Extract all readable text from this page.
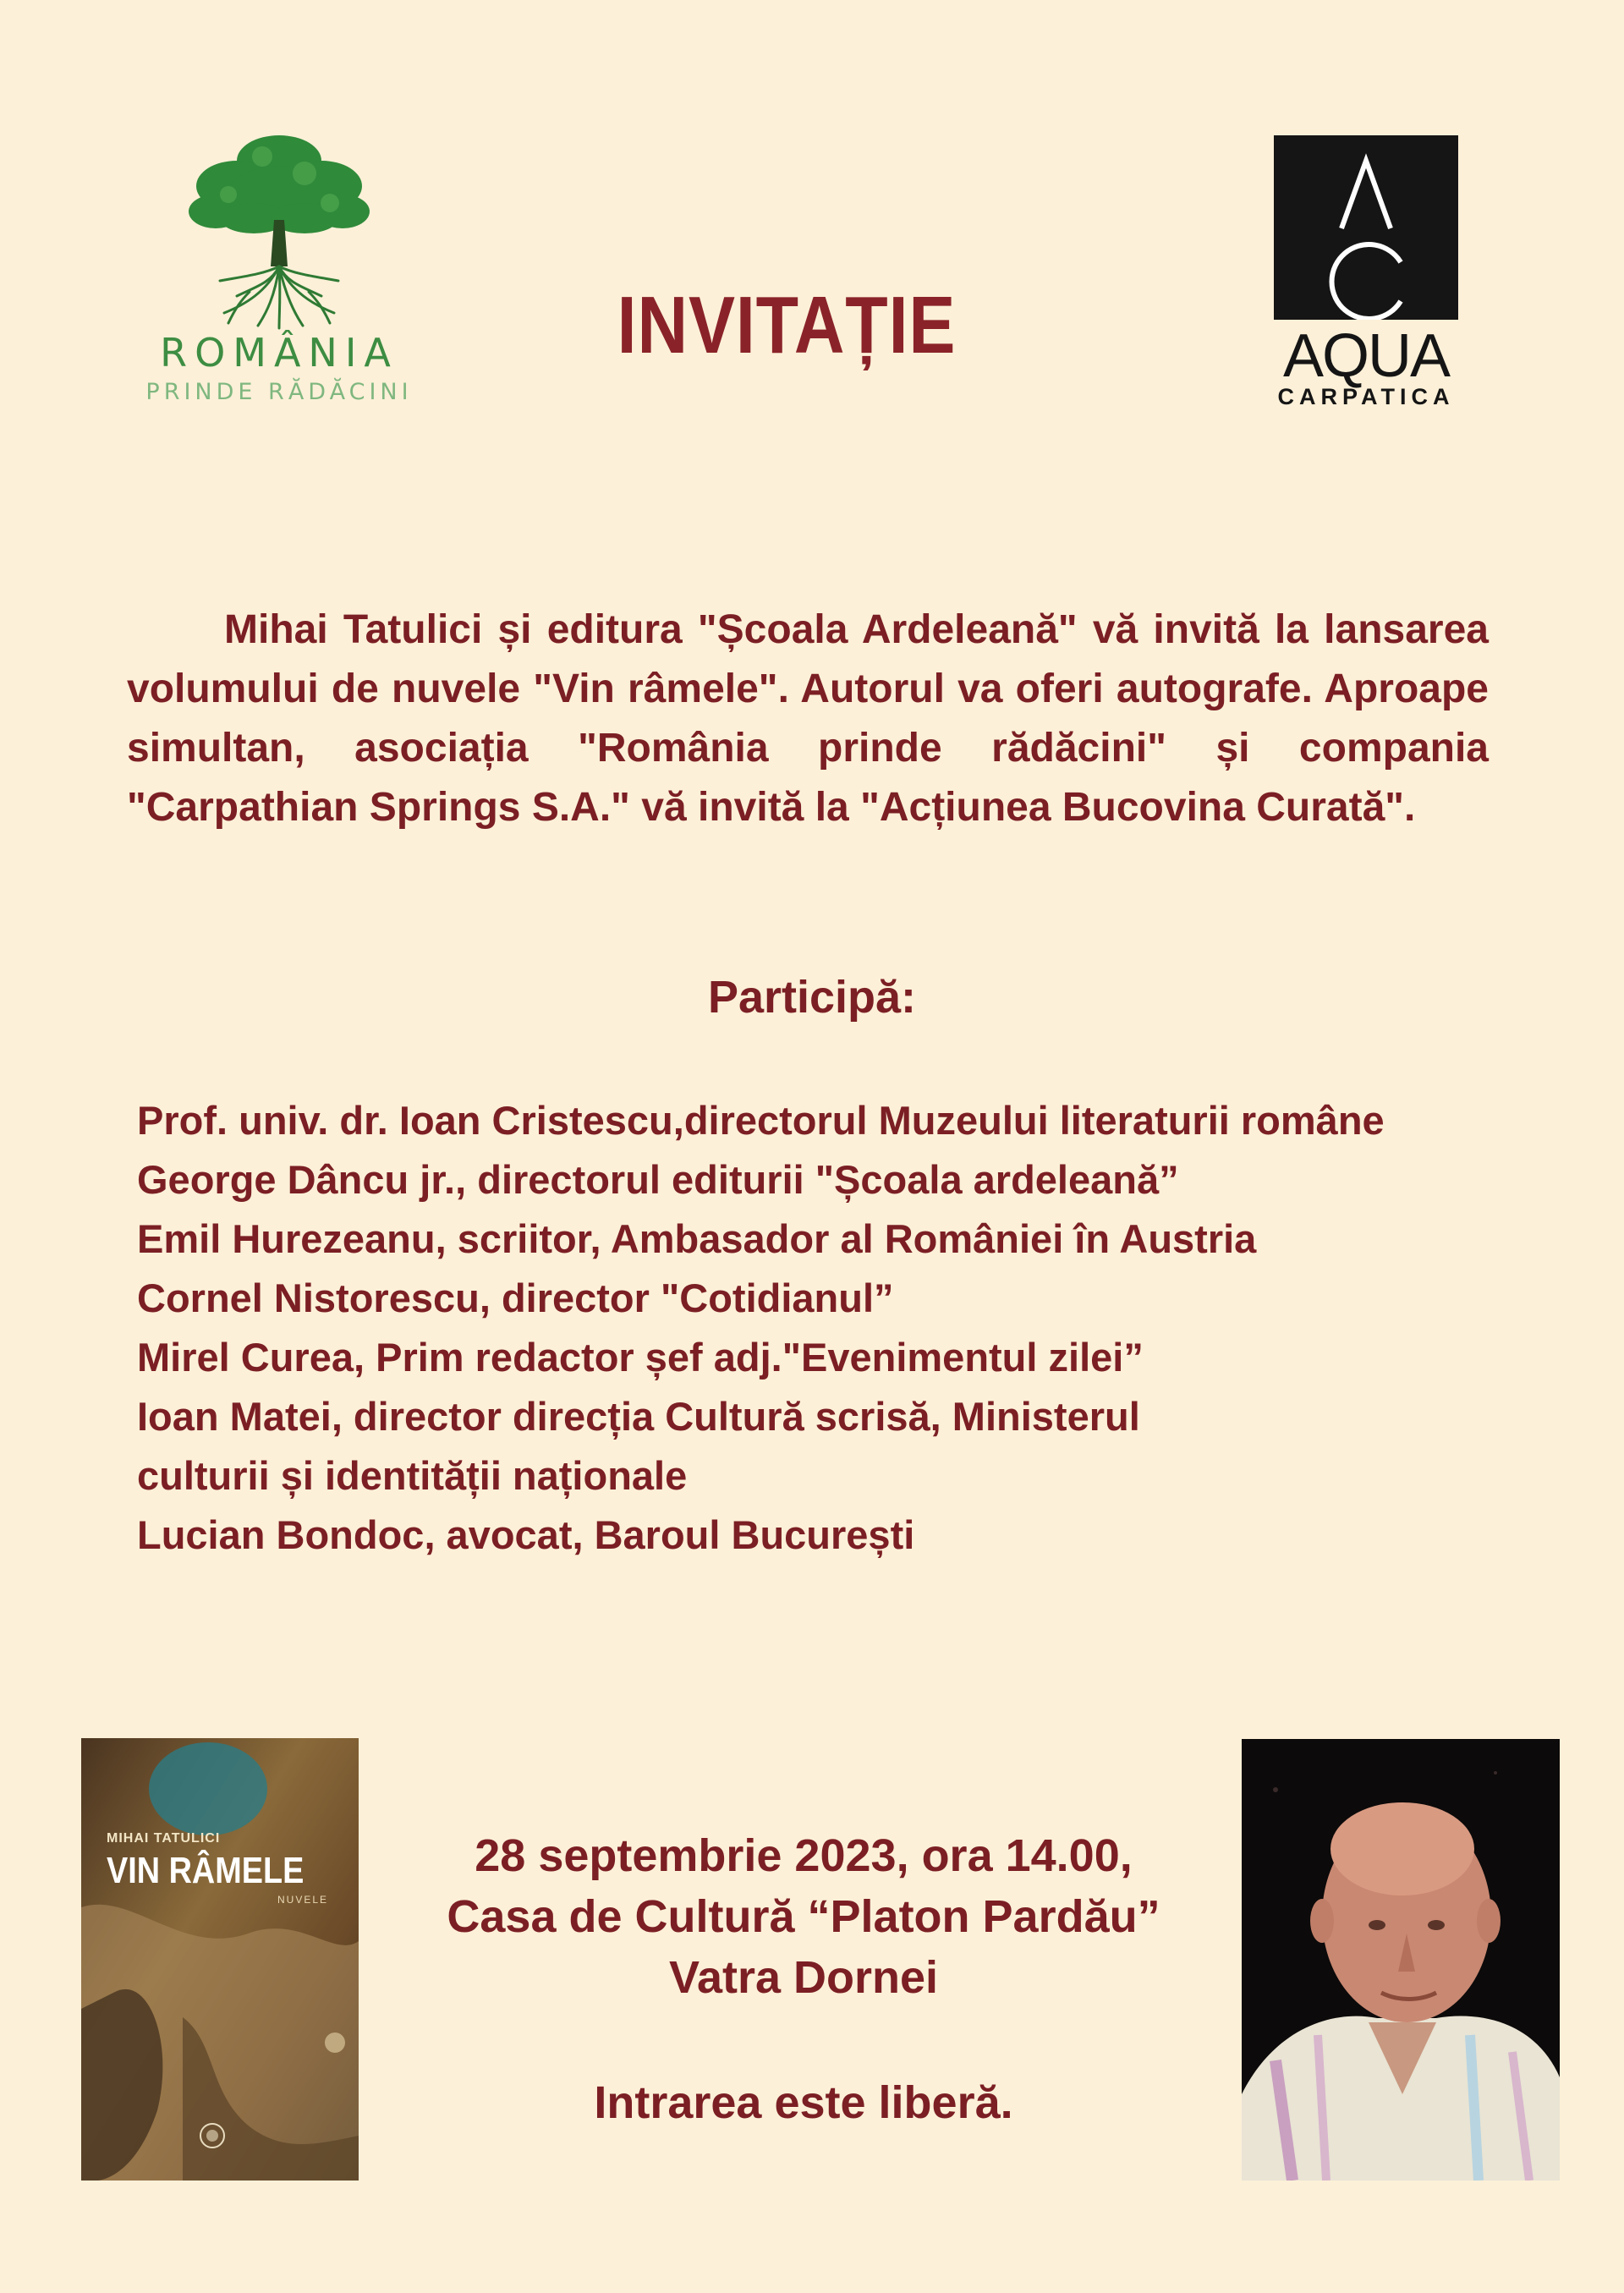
ROMÂNIA
PRINDE RĂDĂCINI
INVITAȚIE	AQUA
CARPATICA

Mihai Tatulici și editura "Școala Ardeleană" vă invită la lansarea volumului de nuvele "Vin râmele". Autorul va oferi autografe. Aproape simultan, asociația "România prinde rădăcini" și compania "Carpathian Springs S.A." vă invită la "Acțiunea Bucovina Curată".

Participă:
Prof. univ. dr. Ioan Cristescu,directorul Muzeului literaturii române
George Dâncu jr., directorul editurii "Școala ardeleană”
Emil Hurezeanu, scriitor, Ambasador al României în Austria
Cornel Nistorescu, director "Cotidianul”
Mirel Curea, Prim redactor șef adj."Evenimentul zilei”
Ioan Matei, director direcția Cultură scrisă, Ministerul
culturii și identității naționale
Lucian Bondoc, avocat, Baroul București
MIHAI TATULICI
VIN RÂMELE
NUVELE
28 septembrie 2023, ora 14.00,
Casa de Cultură “Platon Pardău”
Vatra Dornei
Intrarea este liberă.
